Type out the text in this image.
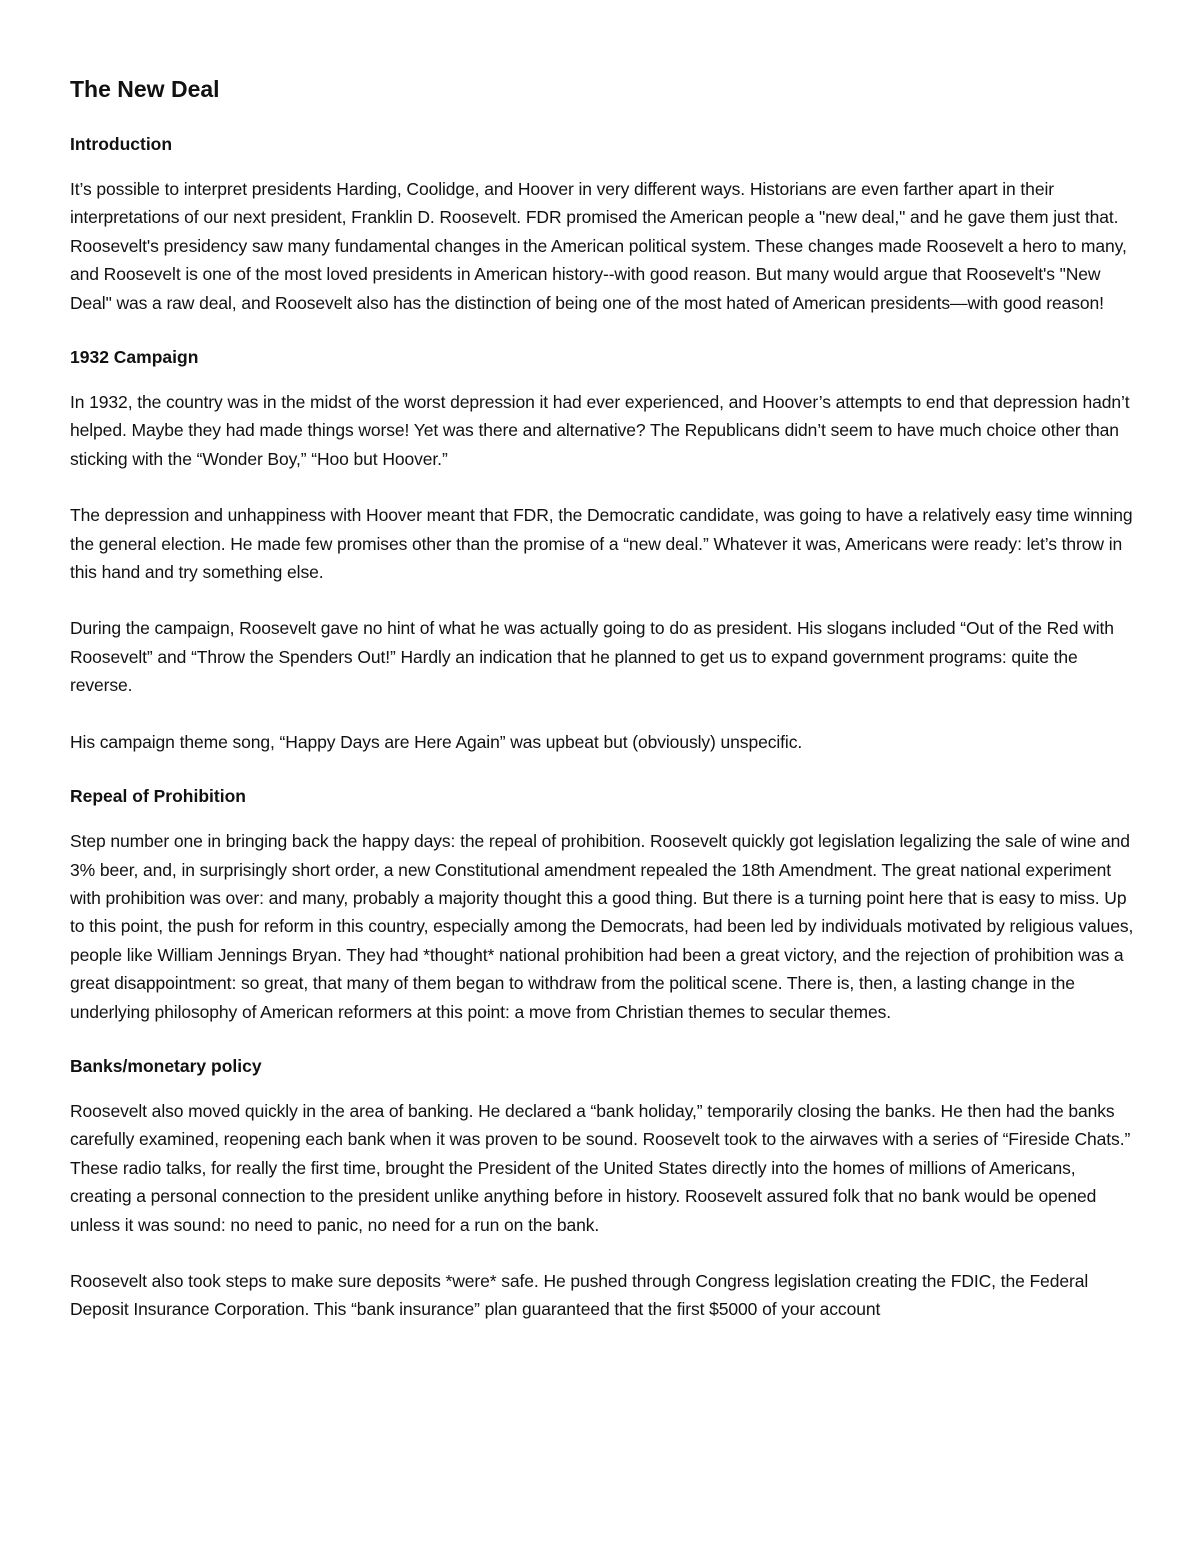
The New Deal
Introduction

It’s possible to interpret presidents Harding, Coolidge, and Hoover in very different ways. Historians are even farther apart in their interpretations of our next president, Franklin D. Roosevelt. FDR promised the American people a "new deal," and he gave them just that. Roosevelt's presidency saw many fundamental changes in the American political system. These changes made Roosevelt a hero to many, and Roosevelt is one of the most loved presidents in American history--with good reason. But many would argue that Roosevelt's "New Deal" was a raw deal, and Roosevelt also has the distinction of being one of the most hated of American presidents—with good reason!

1932 Campaign

In 1932, the country was in the midst of the worst depression it had ever experienced, and Hoover’s attempts to end that depression hadn’t helped. Maybe they had made things worse! Yet was there and alternative? The Republicans didn’t seem to have much choice other than sticking with the “Wonder Boy,” “Hoo but Hoover.”

The depression and unhappiness with Hoover meant that FDR, the Democratic candidate, was going to have a relatively easy time winning the general election. He made few promises other than the promise of a “new deal.” Whatever it was, Americans were ready: let’s throw in this hand and try something else.

During the campaign, Roosevelt gave no hint of what he was actually going to do as president. His slogans included “Out of the Red with Roosevelt” and “Throw the Spenders Out!” Hardly an indication that he planned to get us to expand government programs: quite the reverse.

His campaign theme song, “Happy Days are Here Again” was upbeat but (obviously) unspecific.

Repeal of Prohibition

Step number one in bringing back the happy days: the repeal of prohibition. Roosevelt quickly got legislation legalizing the sale of wine and 3% beer, and, in surprisingly short order, a new Constitutional amendment repealed the 18th Amendment. The great national experiment with prohibition was over: and many, probably a majority thought this a good thing. But there is a turning point here that is easy to miss. Up to this point, the push for reform in this country, especially among the Democrats, had been led by individuals motivated by religious values, people like William Jennings Bryan. They had *thought* national prohibition had been a great victory, and the rejection of prohibition was a great disappointment: so great, that many of them began to withdraw from the political scene. There is, then, a lasting change in the underlying philosophy of American reformers at this point: a move from Christian themes to secular themes.

Banks/monetary policy

Roosevelt also moved quickly in the area of banking. He declared a “bank holiday,” temporarily closing the banks. He then had the banks carefully examined, reopening each bank when it was proven to be sound. Roosevelt took to the airwaves with a series of “Fireside Chats.” These radio talks, for really the first time, brought the President of the United States directly into the homes of millions of Americans, creating a personal connection to the president unlike anything before in history. Roosevelt assured folk that no bank would be opened unless it was sound: no need to panic, no need for a run on the bank.

Roosevelt also took steps to make sure deposits *were* safe. He pushed through Congress legislation creating the FDIC, the Federal Deposit Insurance Corporation. This “bank insurance” plan guaranteed that the first $5000 of your account
